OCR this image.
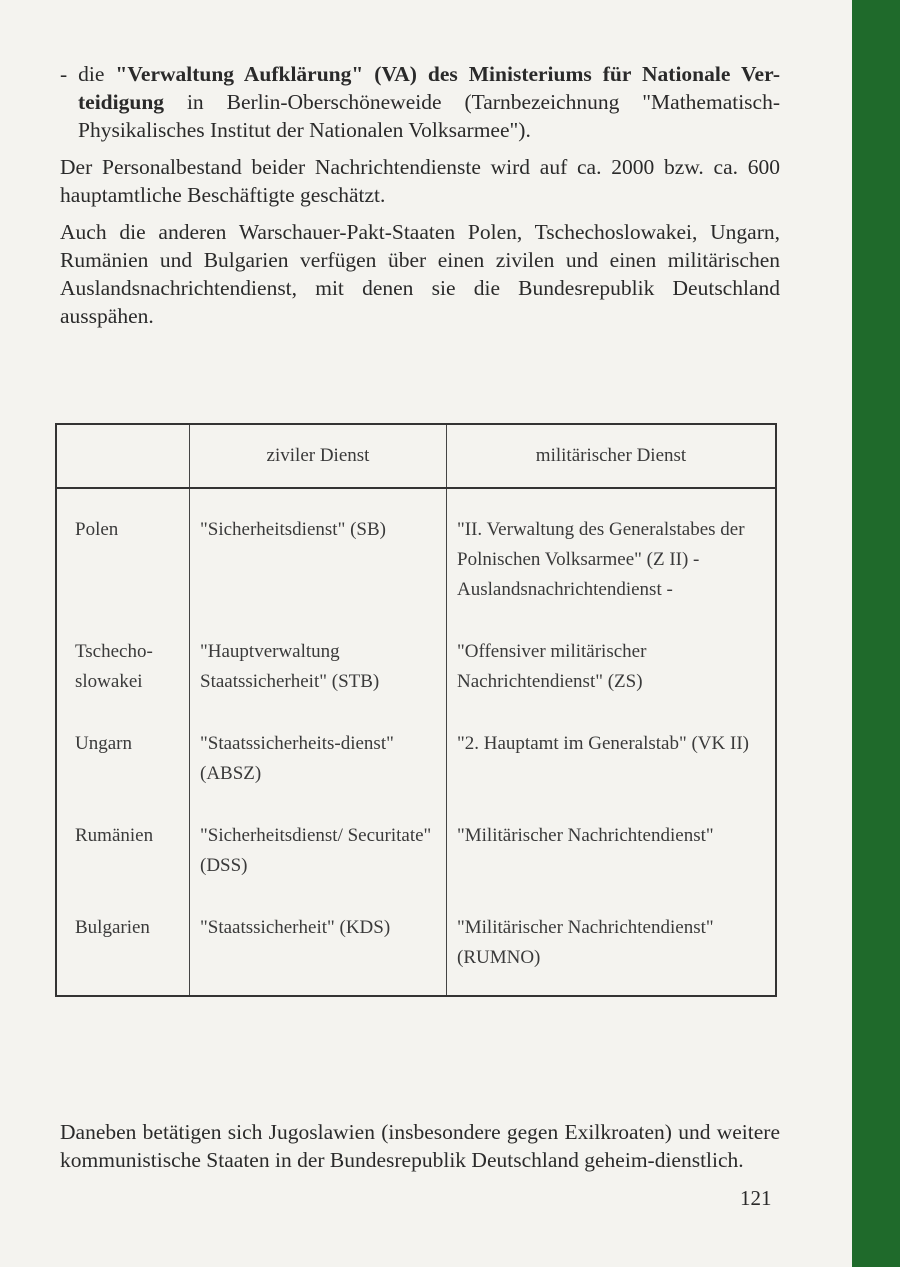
- die "Verwaltung Aufklärung" (VA) des Ministeriums für Nationale Ver-teidigung in Berlin-Oberschöneweide (Tarnbezeichnung "Mathematisch-Physikalisches Institut der Nationalen Volksarmee").

Der Personalbestand beider Nachrichtendienste wird auf ca. 2000 bzw. ca. 600 hauptamtliche Beschäftigte geschätzt.

Auch die anderen Warschauer-Pakt-Staaten Polen, Tschechoslowakei, Ungarn, Rumänien und Bulgarien verfügen über einen zivilen und einen militärischen Auslandsnachrichtendienst, mit denen sie die Bundesrepublik Deutschland ausspähen.

	ziviler Dienst	militärischer Dienst
Polen	"Sicherheitsdienst" (SB)	"II. Verwaltung des Generalstabes der Polnischen Volksarmee" (Z II) - Auslandsnachrichtendienst -
Tschecho-slowakei	"Hauptverwaltung Staatssicherheit" (STB)	"Offensiver militärischer Nachrichtendienst" (ZS)
Ungarn	"Staatssicherheits-dienst" (ABSZ)	"2. Hauptamt im Generalstab" (VK II)
Rumänien	"Sicherheitsdienst/ Securitate" (DSS)	"Militärischer Nachrichtendienst"
Bulgarien	"Staatssicherheit" (KDS)	"Militärischer Nachrichtendienst" (RUMNO)

Daneben betätigen sich Jugoslawien (insbesondere gegen Exilkroaten) und weitere kommunistische Staaten in der Bundesrepublik Deutschland geheim-dienstlich.

121
